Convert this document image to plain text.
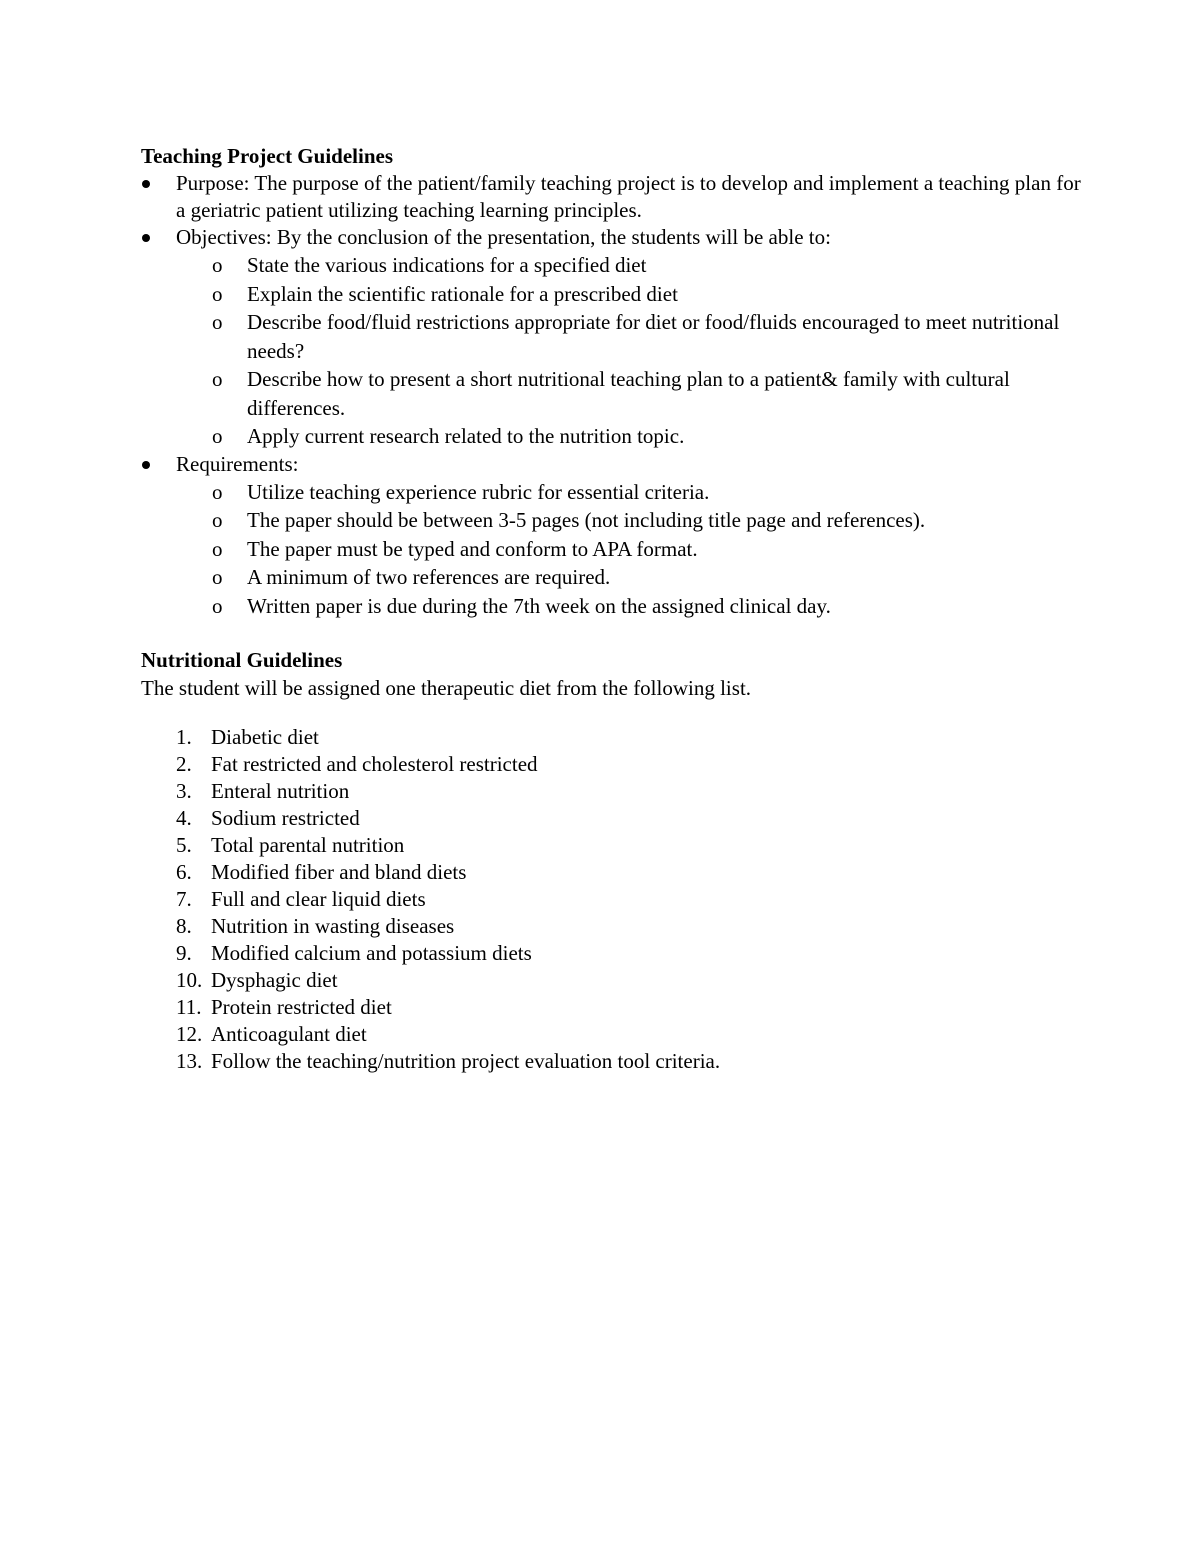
Teaching Project Guidelines
Purpose: The purpose of the patient/family teaching project is to develop and implement a teaching plan for a geriatric patient utilizing teaching learning principles.
Objectives: By the conclusion of the presentation, the students will be able to:
o State the various indications for a specified diet
o Explain the scientific rationale for a prescribed diet
o Describe food/fluid restrictions appropriate for diet or food/fluids encouraged to meet nutritional needs?
o Describe how to present a short nutritional teaching plan to a patient& family with cultural differences.
o Apply current research related to the nutrition topic.
Requirements:
o Utilize teaching experience rubric for essential criteria.
o The paper should be between 3-5 pages (not including title page and references).
o The paper must be typed and conform to APA format.
o A minimum of two references are required.
o Written paper is due during the 7th week on the assigned clinical day.
Nutritional Guidelines
The student will be assigned one therapeutic diet from the following list.
1. Diabetic diet
2. Fat restricted and cholesterol restricted
3. Enteral nutrition
4. Sodium restricted
5. Total parental nutrition
6. Modified fiber and bland diets
7. Full and clear liquid diets
8. Nutrition in wasting diseases
9. Modified calcium and potassium diets
10. Dysphagic diet
11. Protein restricted diet
12. Anticoagulant diet
13. Follow the teaching/nutrition project evaluation tool criteria.
